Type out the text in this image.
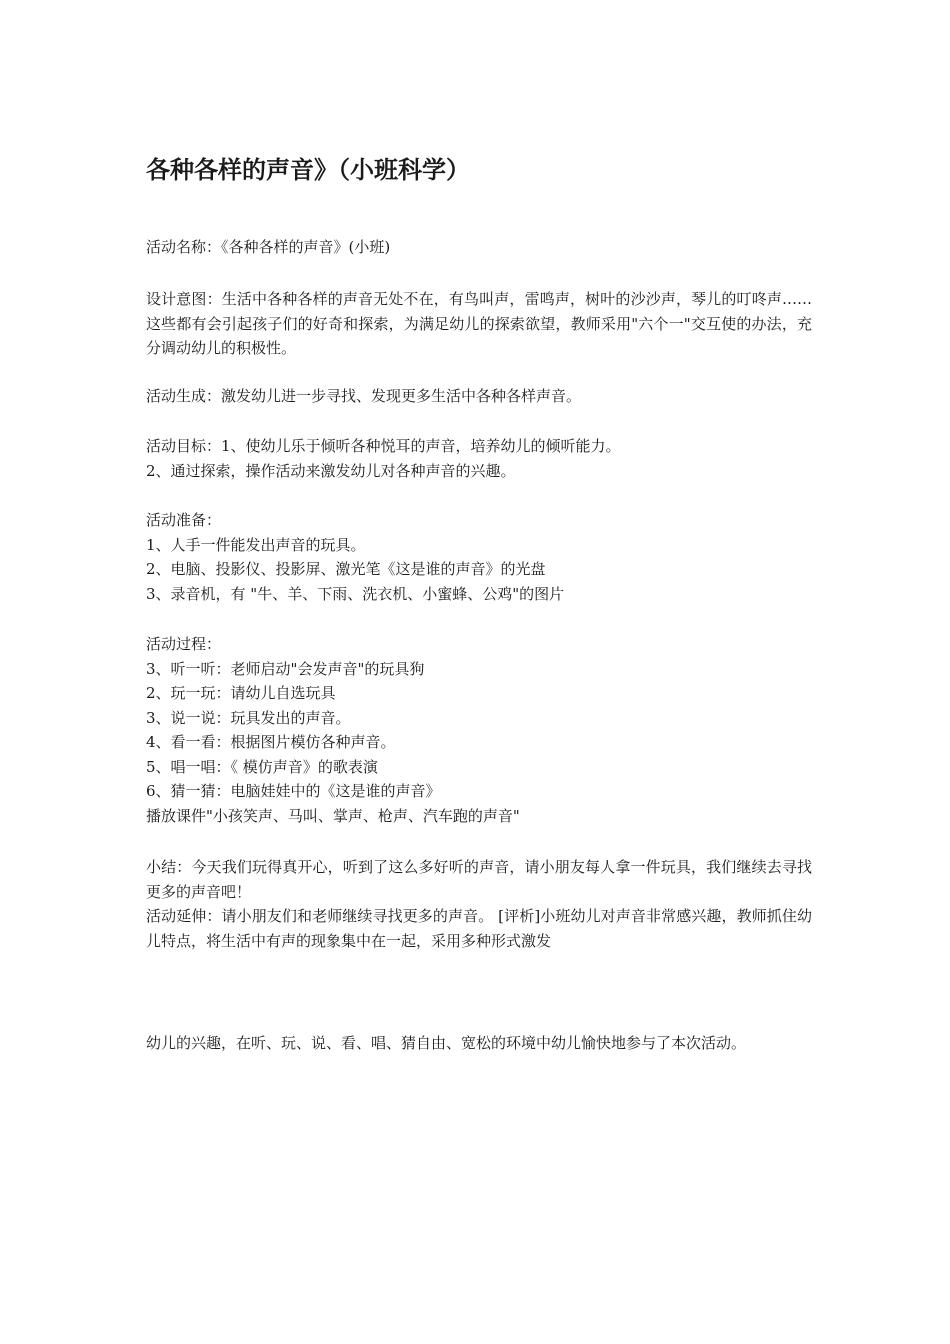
各种各样的声音》（小班科学）

活动名称：《各种各样的声音》(小班)

设计意图：生活中各种各样的声音无处不在，有鸟叫声，雷鸣声，树叶的沙沙声，琴儿的叮咚声……这些都有会引起孩子们的好奇和探索，为满足幼儿的探索欲望，教师采用"六个一"交互使的办法，充分调动幼儿的积极性。

活动生成：激发幼儿进一步寻找、发现更多生活中各种各样声音。

活动目标：1、使幼儿乐于倾听各种悦耳的声音，培养幼儿的倾听能力。
2、通过探索，操作活动来激发幼儿对各种声音的兴趣。

活动准备：
1、人手一件能发出声音的玩具。
2、电脑、投影仪、投影屏、激光笔《这是谁的声音》的光盘
3、录音机，有 "牛、羊、下雨、洗衣机、小蜜蜂、公鸡"的图片

活动过程：
3、听一听：老师启动"会发声音"的玩具狗
2、玩一玩：请幼儿自选玩具
3、说一说：玩具发出的声音。
4、看一看：根据图片模仿各种声音。
5、唱一唱：《 模仿声音》的歌表演
6、猜一猜：电脑娃娃中的《这是谁的声音》
播放课件"小孩笑声、马叫、掌声、枪声、汽车跑的声音"

小结：今天我们玩得真开心，听到了这么多好听的声音，请小朋友每人拿一件玩具，我们继续去寻找更多的声音吧！
活动延伸：请小朋友们和老师继续寻找更多的声音。 [评析]小班幼儿对声音非常感兴趣，教师抓住幼儿特点，将生活中有声的现象集中在一起，采用多种形式激发

幼儿的兴趣，在听、玩、说、看、唱、猜自由、宽松的环境中幼儿愉快地参与了本次活动。
